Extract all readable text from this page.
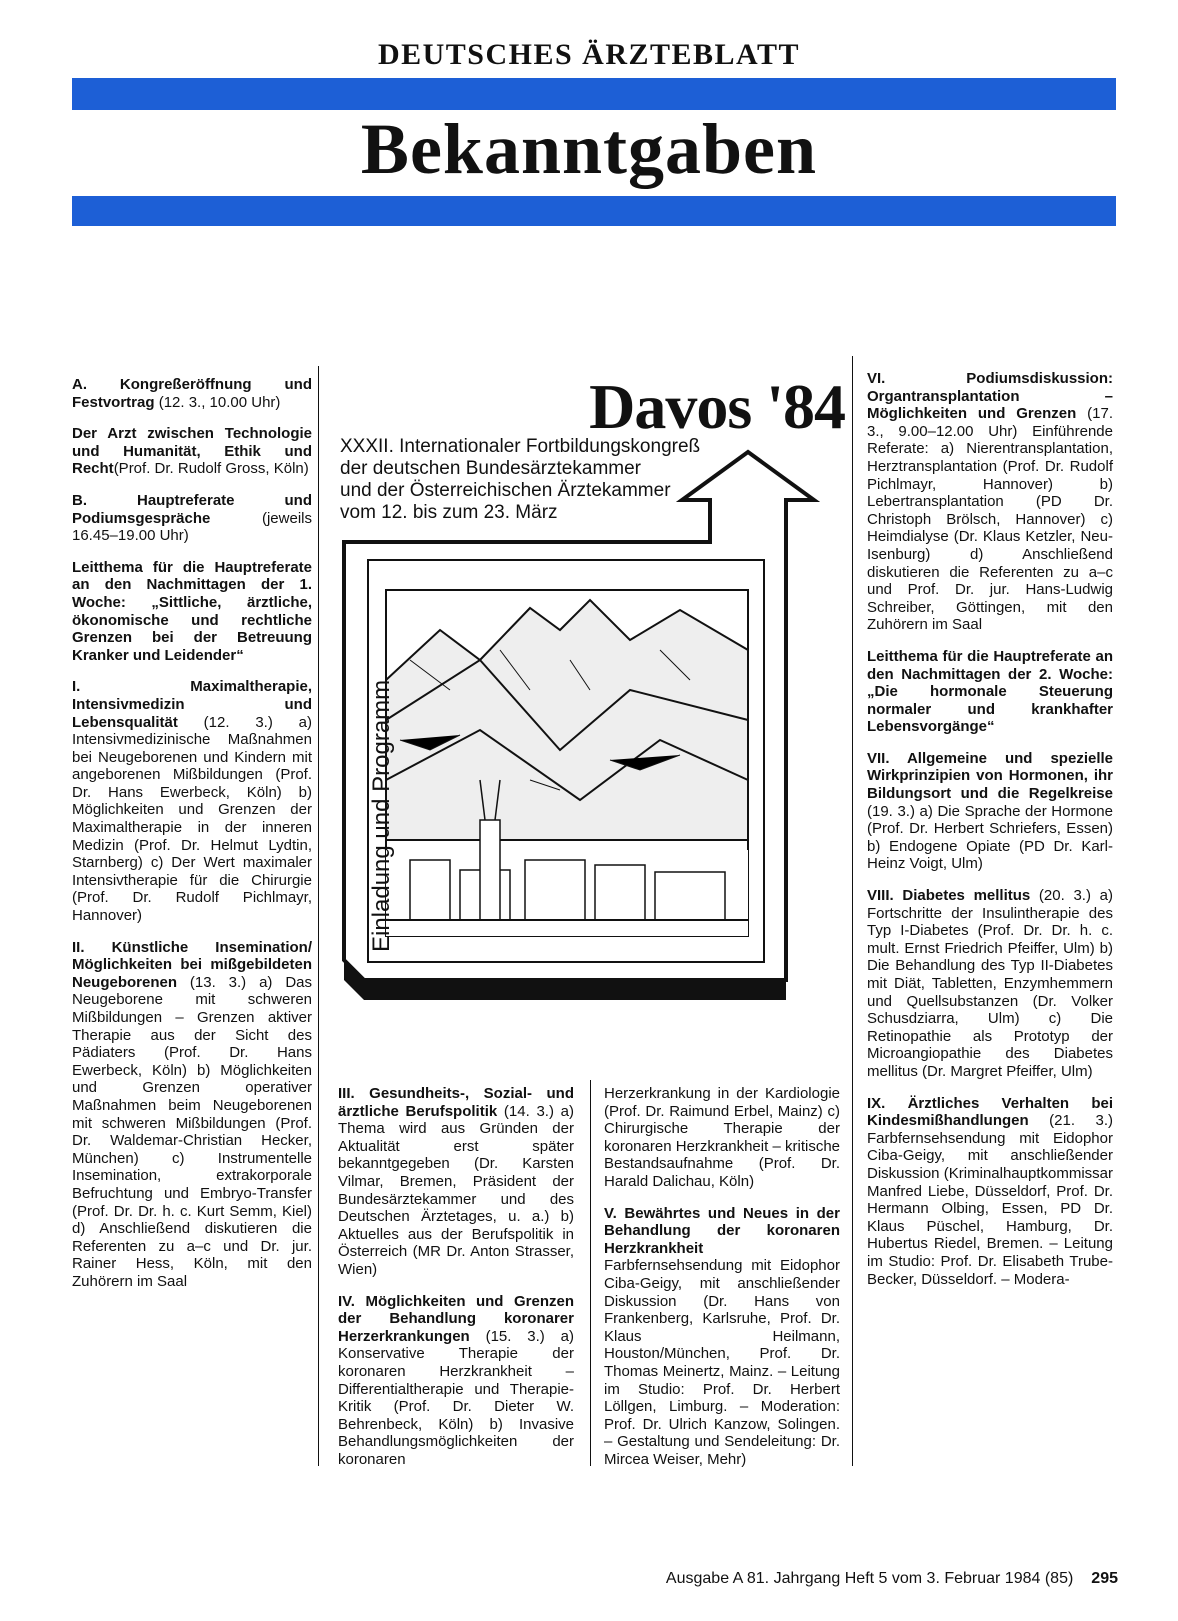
DEUTSCHES ÄRZTEBLATT
Bekanntgaben

A. Kongreßeröffnung und Festvortrag (12. 3., 10.00 Uhr)

Der Arzt zwischen Technologie und Humanität, Ethik und Recht(Prof. Dr. Rudolf Gross, Köln)

B. Hauptreferate und Podiumsgespräche (jeweils 16.45–19.00 Uhr)

Leitthema für die Hauptreferate an den Nachmittagen der 1. Woche: „Sittliche, ärztliche, ökonomische und rechtliche Grenzen bei der Betreuung Kranker und Leidender“

I. Maximaltherapie, Intensivmedizin und Lebensqualität (12. 3.) a) Intensivmedizinische Maßnahmen bei Neugeborenen und Kindern mit angeborenen Mißbildungen (Prof. Dr. Hans Ewerbeck, Köln) b) Möglichkeiten und Grenzen der Maximaltherapie in der inneren Medizin (Prof. Dr. Helmut Lydtin, Starnberg) c) Der Wert maximaler Intensivtherapie für die Chirurgie (Prof. Dr. Rudolf Pichlmayr, Hannover)

II. Künstliche Insemination/ Möglichkeiten bei mißgebildeten Neugeborenen (13. 3.) a) Das Neugeborene mit schweren Mißbildungen – Grenzen aktiver Therapie aus der Sicht des Pädiaters (Prof. Dr. Hans Ewerbeck, Köln) b) Möglichkeiten und Grenzen operativer Maßnahmen beim Neugeborenen mit schweren Mißbildungen (Prof. Dr. Waldemar-Christian Hecker, München) c) Instrumentelle Insemination, extrakorporale Befruchtung und Embryo-Transfer (Prof. Dr. Dr. h. c. Kurt Semm, Kiel) d) Anschließend diskutieren die Referenten zu a–c und Dr. jur. Rainer Hess, Köln, mit den Zuhörern im Saal

III. Gesundheits-, Sozial- und ärztliche Berufspolitik (14. 3.) a) Thema wird aus Gründen der Aktualität erst später bekanntgegeben (Dr. Karsten Vilmar, Bremen, Präsident der Bundesärztekammer und des Deutschen Ärztetages, u. a.) b) Aktuelles aus der Berufspolitik in Österreich (MR Dr. Anton Strasser, Wien)

IV. Möglichkeiten und Grenzen der Behandlung koronarer Herzerkrankungen (15. 3.) a) Konservative Therapie der koronaren Herzkrankheit – Differentialtherapie und Therapie-Kritik (Prof. Dr. Dieter W. Behrenbeck, Köln) b) Invasive Behandlungsmöglichkeiten der koronaren

Herzerkrankung in der Kardiologie (Prof. Dr. Raimund Erbel, Mainz) c) Chirurgische Therapie der koronaren Herzkrankheit – kritische Bestandsaufnahme (Prof. Dr. Harald Dalichau, Köln)

V. Bewährtes und Neues in der Behandlung der koronaren Herzkrankheit Farbfernsehsendung mit Eidophor Ciba-Geigy, mit anschließender Diskussion (Dr. Hans von Frankenberg, Karlsruhe, Prof. Dr. Klaus Heilmann, Houston/München, Prof. Dr. Thomas Meinertz, Mainz. – Leitung im Studio: Prof. Dr. Herbert Löllgen, Limburg. – Moderation: Prof. Dr. Ulrich Kanzow, Solingen. – Gestaltung und Sendeleitung: Dr. Mircea Weiser, Mehr)

VI. Podiumsdiskussion: Organtransplantation – Möglichkeiten und Grenzen (17. 3., 9.00–12.00 Uhr) Einführende Referate: a) Nierentransplantation, Herztransplantation (Prof. Dr. Rudolf Pichlmayr, Hannover) b) Lebertransplantation (PD Dr. Christoph Brölsch, Hannover) c) Heimdialyse (Dr. Klaus Ketzler, Neu-Isenburg) d) Anschließend diskutieren die Referenten zu a–c und Prof. Dr. jur. Hans-Ludwig Schreiber, Göttingen, mit den Zuhörern im Saal

Leitthema für die Hauptreferate an den Nachmittagen der 2. Woche: „Die hormonale Steuerung normaler und krankhafter Lebensvorgänge“

VII. Allgemeine und spezielle Wirkprinzipien von Hormonen, ihr Bildungsort und die Regelkreise (19. 3.) a) Die Sprache der Hormone (Prof. Dr. Herbert Schriefers, Essen) b) Endogene Opiate (PD Dr. Karl-Heinz Voigt, Ulm)

VIII. Diabetes mellitus (20. 3.) a) Fortschritte der Insulintherapie des Typ I-Diabetes (Prof. Dr. Dr. h. c. mult. Ernst Friedrich Pfeiffer, Ulm) b) Die Behandlung des Typ II-Diabetes mit Diät, Tabletten, Enzymhemmern und Quellsubstanzen (Dr. Volker Schusdziarra, Ulm) c) Die Retinopathie als Prototyp der Microangiopathie des Diabetes mellitus (Dr. Margret Pfeiffer, Ulm)

IX. Ärztliches Verhalten bei Kindesmißhandlungen (21. 3.) Farbfernsehsendung mit Eidophor Ciba-Geigy, mit anschließender Diskussion (Kriminalhauptkommissar Manfred Liebe, Düsseldorf, Prof. Dr. Hermann Olbing, Essen, PD Dr. Klaus Püschel, Hamburg, Dr. Hubertus Riedel, Bremen. – Leitung im Studio: Prof. Dr. Elisabeth Trube-Becker, Düsseldorf. – Modera-

Davos '84
XXXII. Internationaler Fortbildungskongreß
der deutschen Bundesärztekammer
und der Österreichischen Ärztekammer
vom 12. bis zum 23. März
Einladung und Programm
Ausgabe A 81. Jahrgang Heft 5 vom 3. Februar 1984 (85) 295
